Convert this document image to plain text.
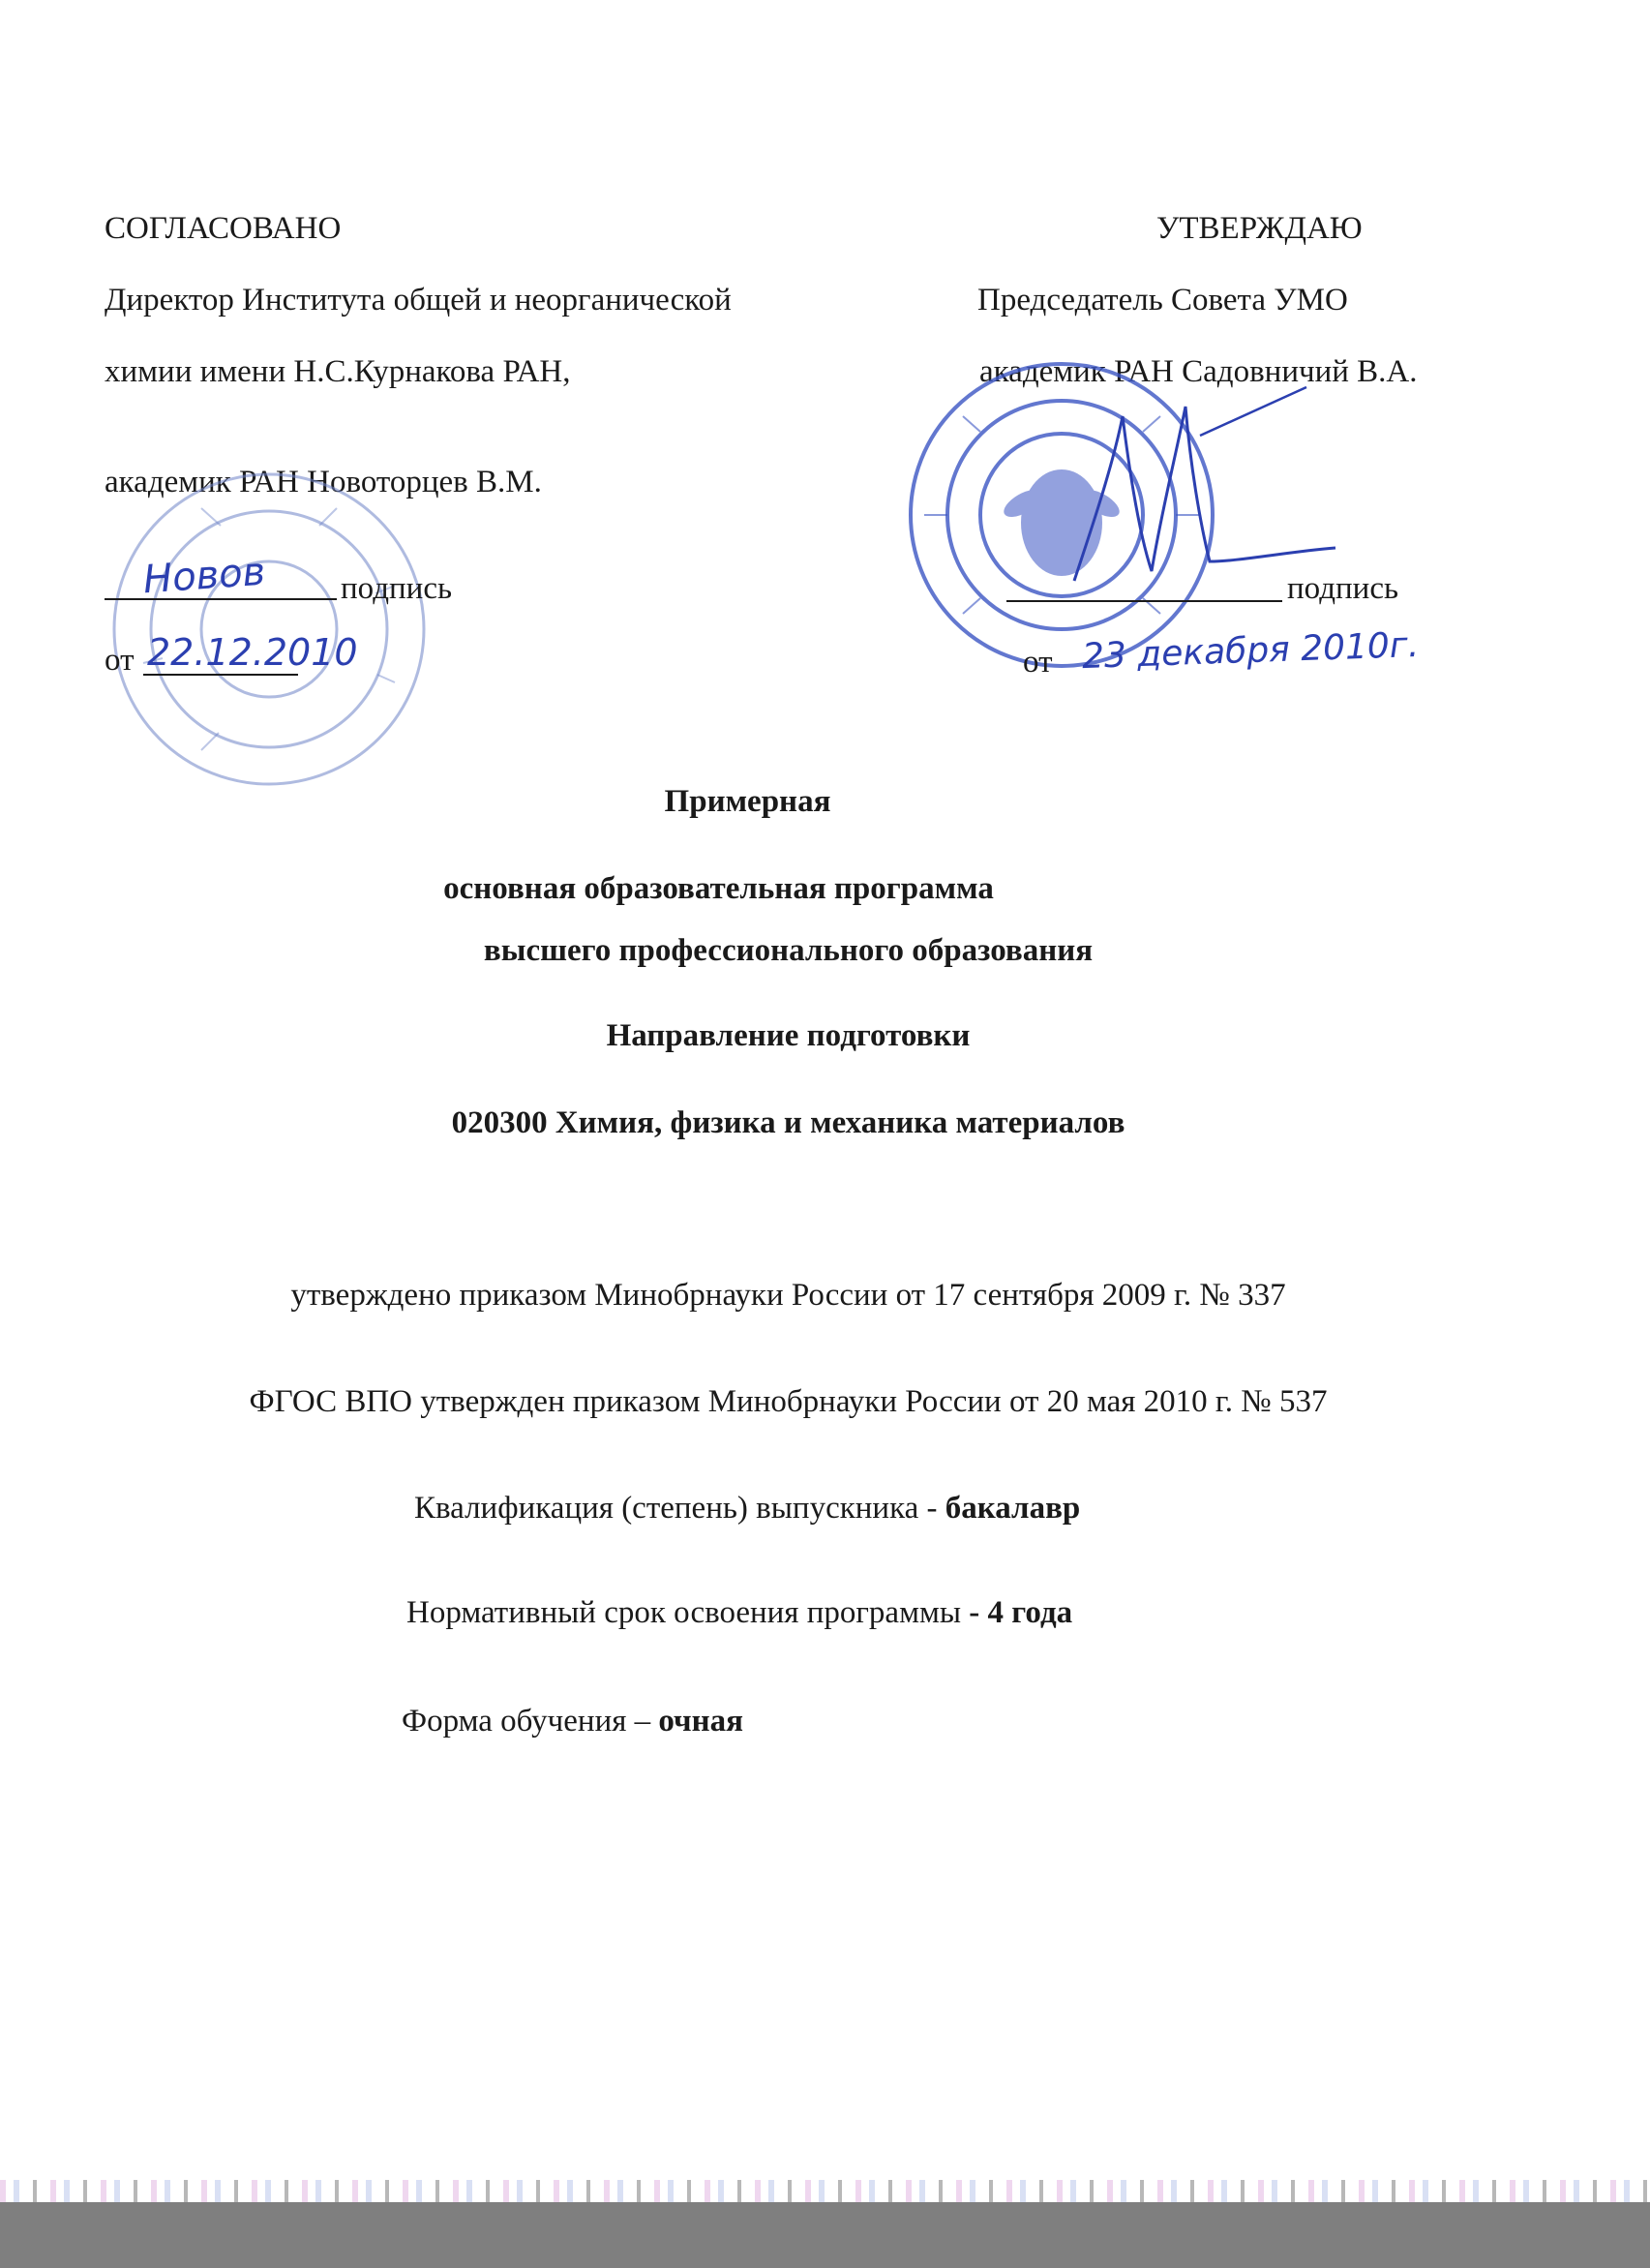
СОГЛАСОВАНО
Директор Института общей и неорганической
химии имени Н.С.Курнакова РАН,
академик РАН Новоторцев В.М.
Новов подпись
от 22.12.2010
УТВЕРЖДАЮ
Председатель Совета УМО
академик РАН Садовничий В.А.
подпись
от 23 декабря 2010г.
Примерная
основная образовательная программа
высшего профессионального образования
Направление подготовки
020300 Химия, физика и механика материалов
утверждено приказом Минобрнауки России от 17 сентября 2009 г. № 337
ФГОС ВПО утвержден приказом Минобрнауки России от 20 мая 2010 г. № 537
Квалификация (степень) выпускника - бакалавр
Нормативный срок освоения программы - 4 года
Форма обучения – очная
